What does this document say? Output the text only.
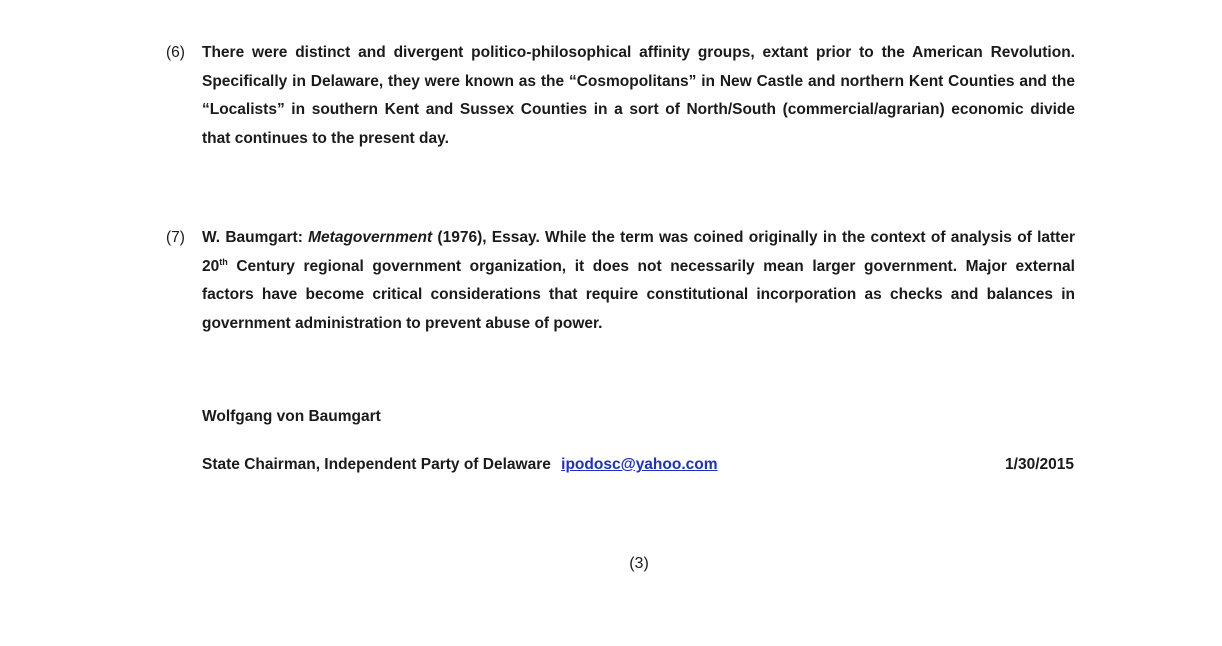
(6) There were distinct and divergent politico-philosophical affinity groups, extant prior to the American Revolution. Specifically in Delaware, they were known as the “Cosmopolitans” in New Castle and northern Kent Counties and the “Localists” in southern Kent and Sussex Counties in a sort of North/South (commercial/agrarian) economic divide that continues to the present day.
(7) W. Baumgart: Metagovernment (1976), Essay. While the term was coined originally in the context of analysis of latter 20th Century regional government organization, it does not necessarily mean larger government. Major external factors have become critical considerations that require constitutional incorporation as checks and balances in government administration to prevent abuse of power.
Wolfgang von Baumgart
State Chairman, Independent Party of Delaware ipodosc@yahoo.com	1/30/2015
(3)
